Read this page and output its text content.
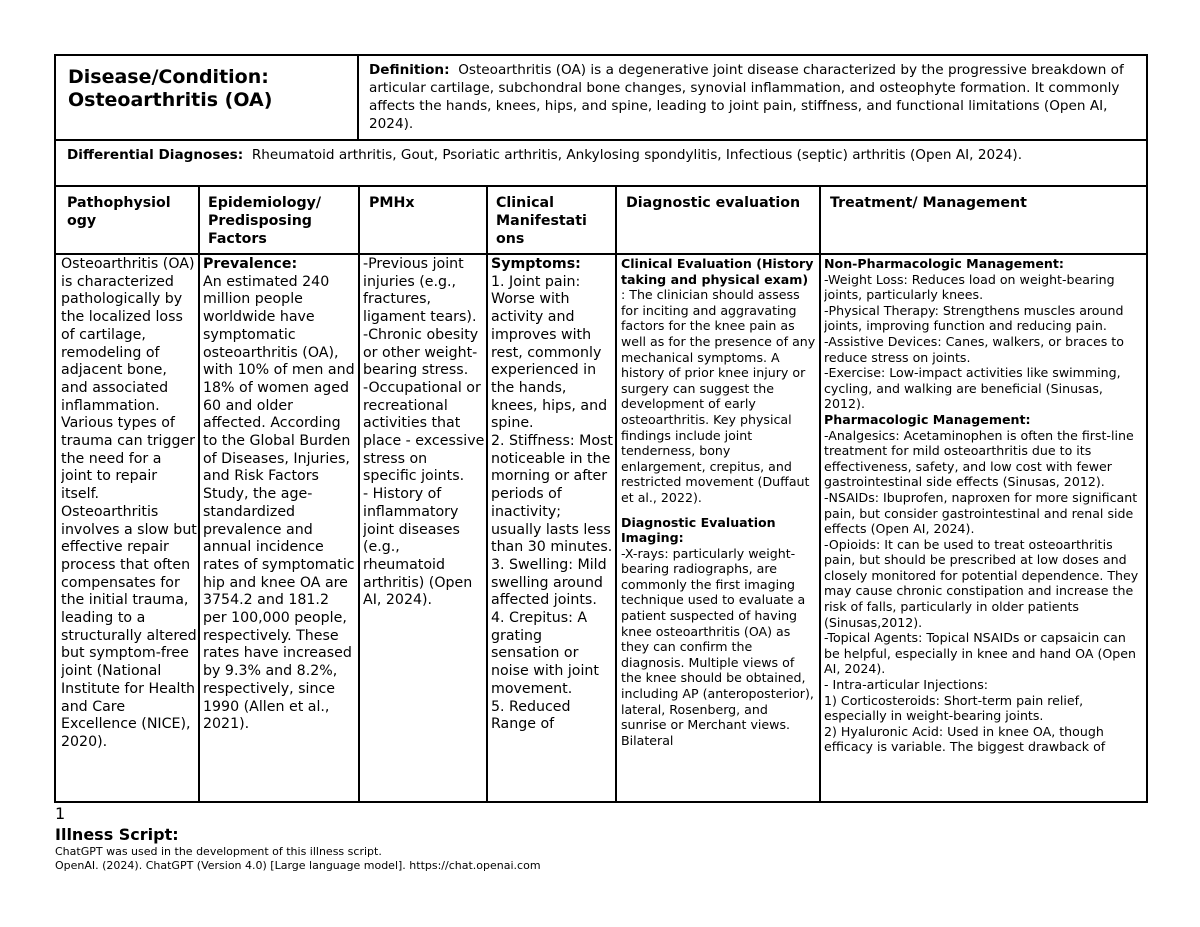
Disease/Condition:
Osteoarthritis (OA)
Definition: Osteoarthritis (OA) is a degenerative joint disease characterized by the progressive breakdown of articular cartilage, subchondral bone changes, synovial inflammation, and osteophyte formation. It commonly affects the hands, knees, hips, and spine, leading to joint pain, stiffness, and functional limitations (Open AI, 2024).
Differential Diagnoses: Rheumatoid arthritis, Gout, Psoriatic arthritis, Ankylosing spondylitis, Infectious (septic) arthritis (Open AI, 2024).
Pathophysiol ogy
Epidemiology/ Predisposing Factors
PMHx	Clinical Manifestati ons
Diagnostic evaluation	Treatment/ Management
Osteoarthritis (OA) is characterized pathologically by the localized loss of cartilage, remodeling of adjacent bone, and associated inflammation. Various types of trauma can trigger the need for a joint to repair itself. Osteoarthritis involves a slow but effective repair process that often compensates for the initial trauma, leading to a structurally altered but symptom-free joint (National Institute for Health and Care Excellence (NICE), 2020).
Prevalence:
An estimated 240 million people worldwide have symptomatic osteoarthritis (OA), with 10% of men and 18% of women aged 60 and older affected. According to the Global Burden of Diseases, Injuries, and Risk Factors Study, the age-standardized prevalence and annual incidence rates of symptomatic hip and knee OA are 3754.2 and 181.2 per 100,000 people, respectively. These rates have increased by 9.3% and 8.2%, respectively, since 1990 (Allen et al., 2021).
-Previous joint injuries (e.g., fractures, ligament tears).
-Chronic obesity or other weight-bearing stress.
-Occupational or recreational activities that place - excessive stress on specific joints.
- History of inflammatory joint diseases (e.g., rheumatoid arthritis) (Open AI, 2024).
Symptoms:
1. Joint pain: Worse with activity and improves with rest, commonly experienced in the hands, knees, hips, and spine.
2. Stiffness: Most noticeable in the morning or after periods of inactivity; usually lasts less than 30 minutes.
3. Swelling: Mild swelling around affected joints.
4. Crepitus: A grating sensation or noise with joint movement.
5. Reduced Range of
Clinical Evaluation (History taking and physical exam)
: The clinician should assess for inciting and aggravating factors for the knee pain as well as for the presence of any mechanical symptoms. A history of prior knee injury or surgery can suggest the development of early osteoarthritis. Key physical findings include joint tenderness, bony enlargement, crepitus, and restricted movement (Duffaut et al., 2022).
Diagnostic Evaluation Imaging:
-X-rays: particularly weight-bearing radiographs, are commonly the first imaging technique used to evaluate a patient suspected of having knee osteoarthritis (OA) as they can confirm the diagnosis. Multiple views of the knee should be obtained, including AP (anteroposterior), lateral, Rosenberg, and sunrise or Merchant views. Bilateral
Non-Pharmacologic Management:
-Weight Loss: Reduces load on weight-bearing joints, particularly knees.
-Physical Therapy: Strengthens muscles around joints, improving function and reducing pain.
-Assistive Devices: Canes, walkers, or braces to reduce stress on joints.
-Exercise: Low-impact activities like swimming, cycling, and walking are beneficial (Sinusas, 2012).
Pharmacologic Management:
-Analgesics: Acetaminophen is often the first-line treatment for mild osteoarthritis due to its effectiveness, safety, and low cost with fewer gastrointestinal side effects (Sinusas, 2012).
-NSAIDs: Ibuprofen, naproxen for more significant pain, but consider gastrointestinal and renal side effects (Open AI, 2024).
-Opioids: It can be used to treat osteoarthritis pain, but should be prescribed at low doses and closely monitored for potential dependence. They may cause chronic constipation and increase the risk of falls, particularly in older patients (Sinusas,2012).
-Topical Agents: Topical NSAIDs or capsaicin can be helpful, especially in knee and hand OA (Open AI, 2024).
- Intra-articular Injections:
1) Corticosteroids: Short-term pain relief, especially in weight-bearing joints.
2) Hyaluronic Acid: Used in knee OA, though efficacy is variable. The biggest drawback of
1
Illness Script:
ChatGPT was used in the development of this illness script.
OpenAI. (2024). ChatGPT (Version 4.0) [Large language model]. https://chat.openai.com
